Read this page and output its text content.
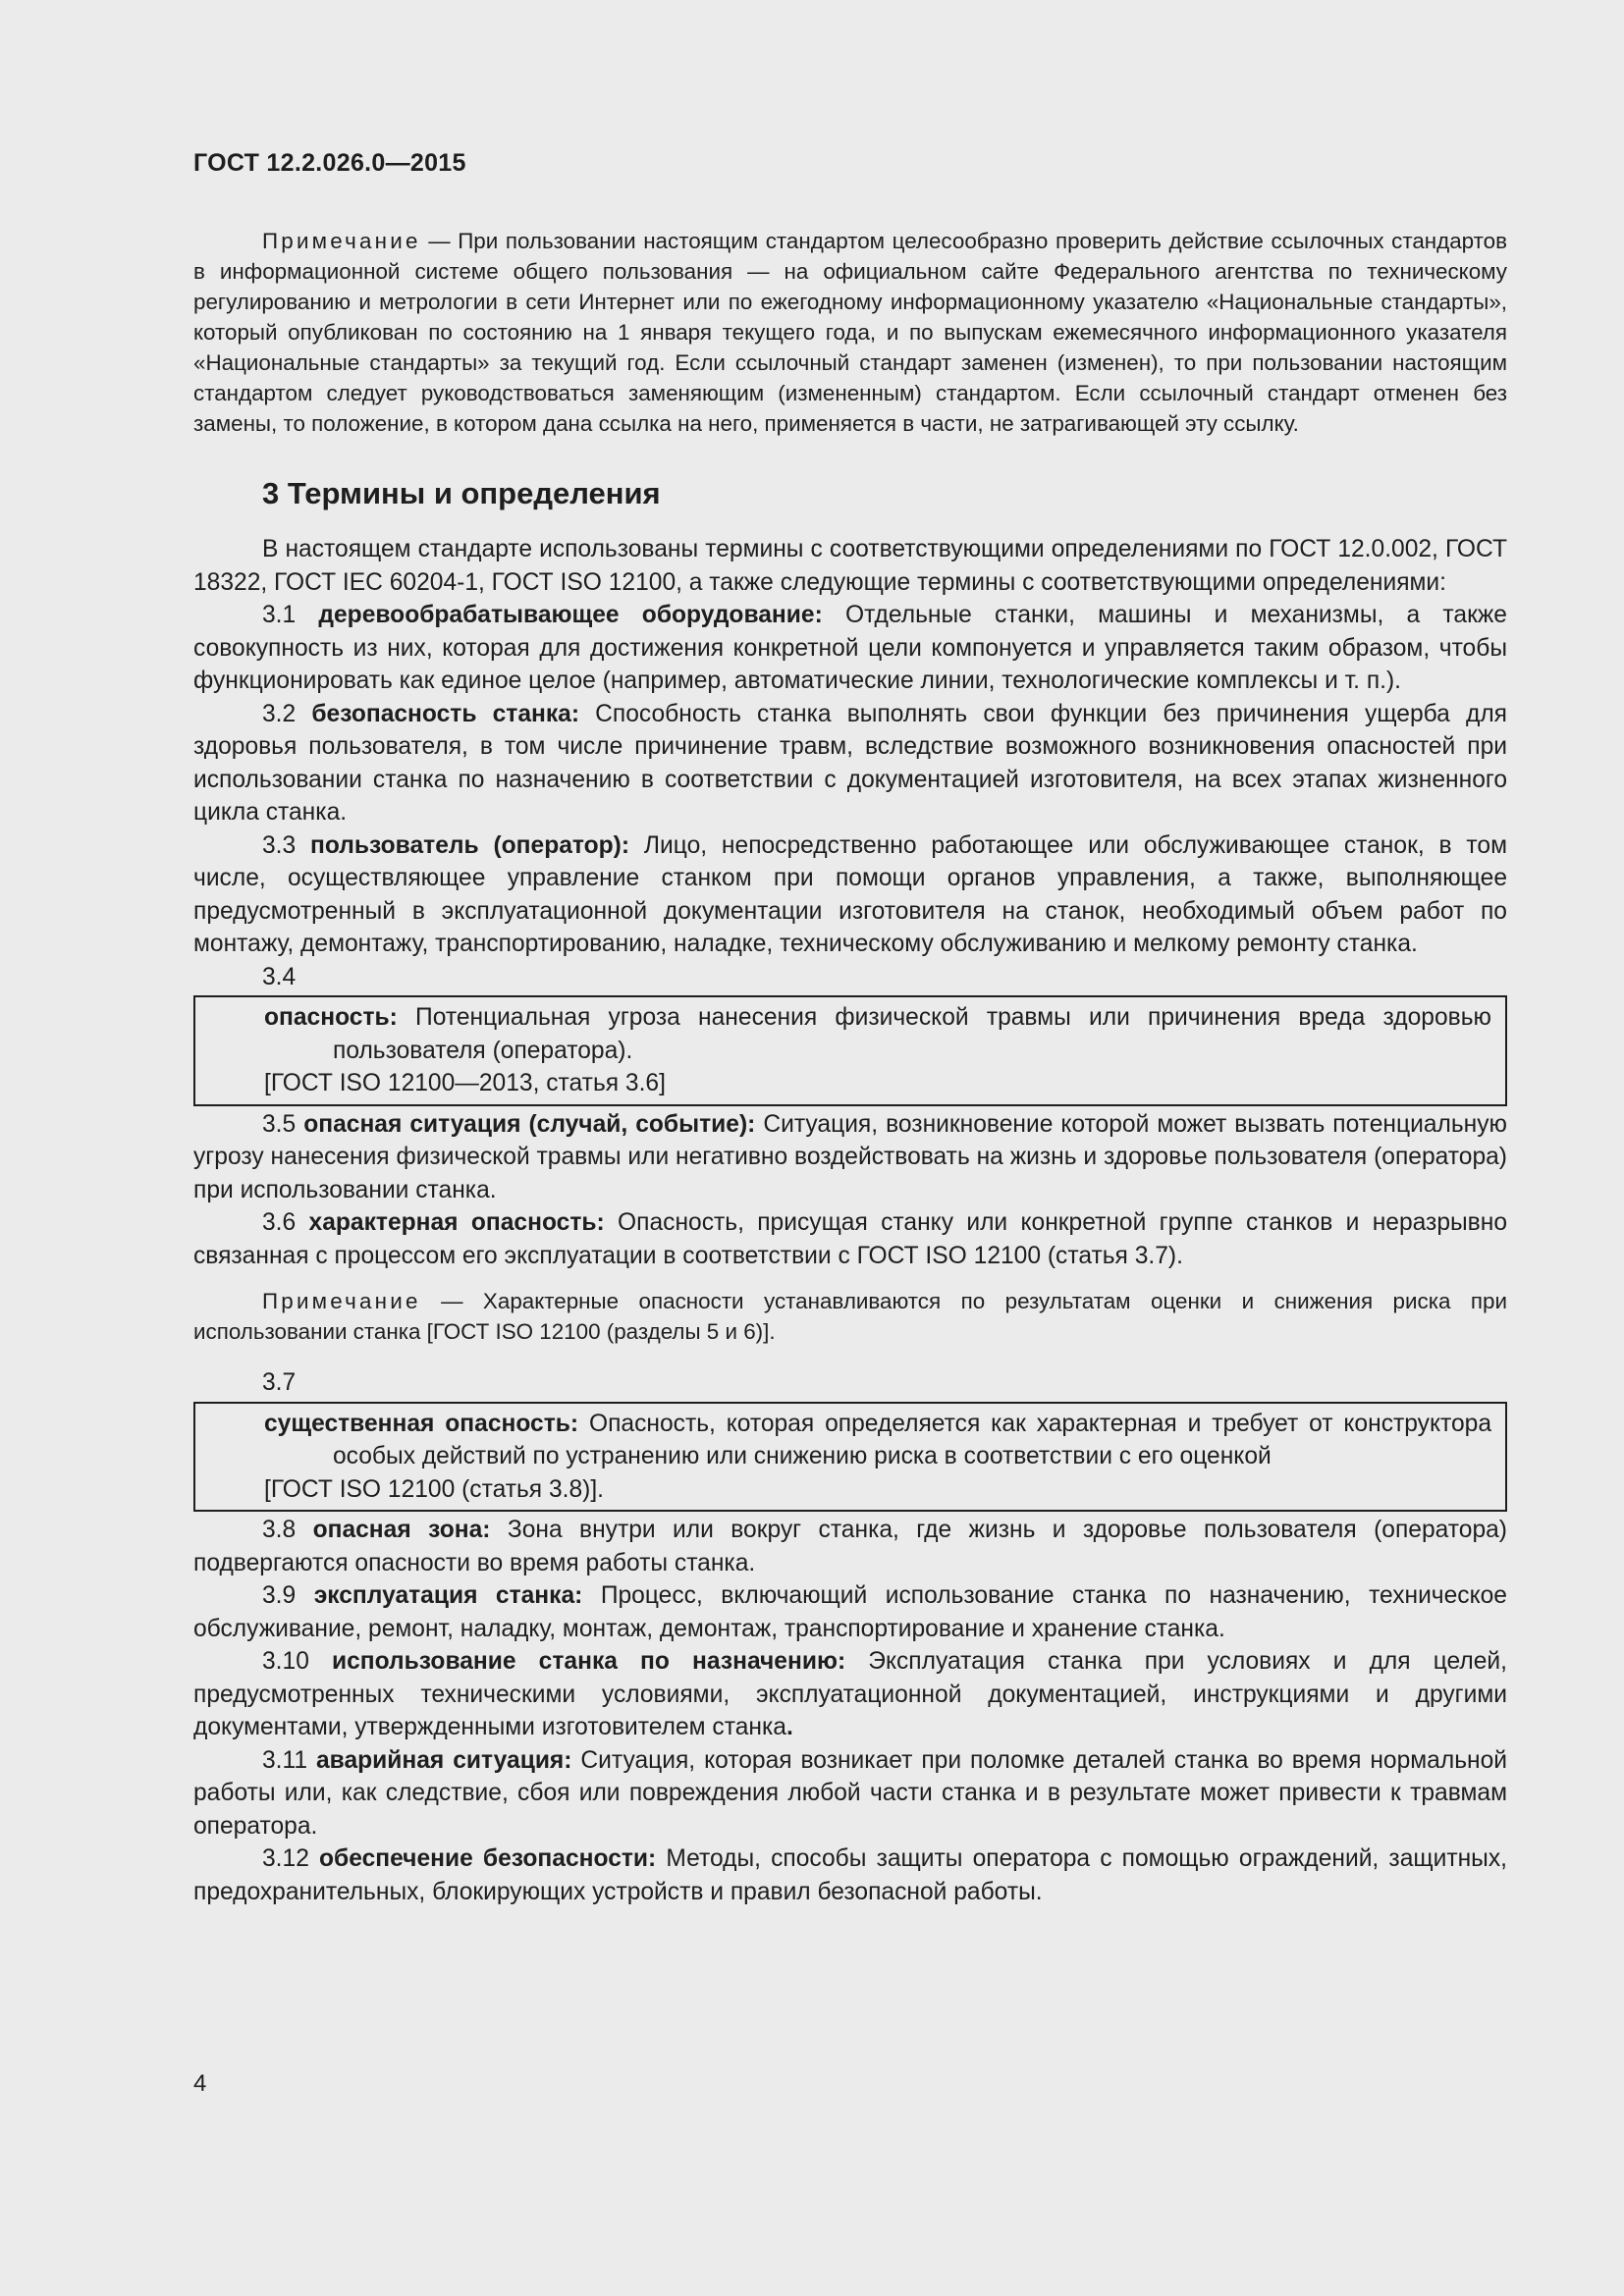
ГОСТ 12.2.026.0—2015

Примечание — При пользовании настоящим стандартом целесообразно проверить действие ссылочных стандартов в информационной системе общего пользования — на официальном сайте Федерального агентства по техническому регулированию и метрологии в сети Интернет или по ежегодному информационному указателю «Национальные стандарты», который опубликован по состоянию на 1 января текущего года, и по выпускам ежемесячного информационного указателя «Национальные стандарты» за текущий год. Если ссылочный стандарт заменен (изменен), то при пользовании настоящим стандартом следует руководствоваться заменяющим (измененным) стандартом. Если ссылочный стандарт отменен без замены, то положение, в котором дана ссылка на него, применяется в части, не затрагивающей эту ссылку.

3 Термины и определения

В настоящем стандарте использованы термины с соответствующими определениями по ГОСТ 12.0.002, ГОСТ 18322, ГОСТ IEC 60204-1, ГОСТ ISO 12100, а также следующие термины с соответствующими определениями:

3.1 деревообрабатывающее оборудование: Отдельные станки, машины и механизмы, а также совокупность из них, которая для достижения конкретной цели компонуется и управляется таким образом, чтобы функционировать как единое целое (например, автоматические линии, технологические комплексы и т. п.).

3.2 безопасность станка: Способность станка выполнять свои функции без причинения ущерба для здоровья пользователя, в том числе причинение травм, вследствие возможного возникновения опасностей при использовании станка по назначению в соответствии с документацией изготовителя, на всех этапах жизненного цикла станка.

3.3 пользователь (оператор): Лицо, непосредственно работающее или обслуживающее станок, в том числе, осуществляющее управление станком при помощи органов управления, а также, выполняющее предусмотренный в эксплуатационной документации изготовителя на станок, необходимый объем работ по монтажу, демонтажу, транспортированию, наладке, техническому обслуживанию и мелкому ремонту станка.

3.4

опасность: Потенциальная угроза нанесения физической травмы или причинения вреда здоровью пользователя (оператора).

[ГОСТ ISO 12100—2013, статья 3.6]

3.5 опасная ситуация (случай, событие): Ситуация, возникновение которой может вызвать потенциальную угрозу нанесения физической травмы или негативно воздействовать на жизнь и здоровье пользователя (оператора) при использовании станка.

3.6 характерная опасность: Опасность, присущая станку или конкретной группе станков и неразрывно связанная с процессом его эксплуатации в соответствии с ГОСТ ISO 12100 (статья 3.7).

Примечание — Характерные опасности устанавливаются по результатам оценки и снижения риска при использовании станка [ГОСТ ISO 12100 (разделы 5 и 6)].

3.7

существенная опасность: Опасность, которая определяется как характерная и требует от конструктора особых действий по устранению или снижению риска в соответствии с его оценкой

[ГОСТ ISO 12100 (статья 3.8)].

3.8 опасная зона: Зона внутри или вокруг станка, где жизнь и здоровье пользователя (оператора) подвергаются опасности во время работы станка.

3.9 эксплуатация станка: Процесс, включающий использование станка по назначению, техническое обслуживание, ремонт, наладку, монтаж, демонтаж, транспортирование и хранение станка.

3.10 использование станка по назначению: Эксплуатация станка при условиях и для целей, предусмотренных техническими условиями, эксплуатационной документацией, инструкциями и другими документами, утвержденными изготовителем станка.

3.11 аварийная ситуация: Ситуация, которая возникает при поломке деталей станка во время нормальной работы или, как следствие, сбоя или повреждения любой части станка и в результате может привести к травмам оператора.

3.12 обеспечение безопасности: Методы, способы защиты оператора с помощью ограждений, защитных, предохранительных, блокирующих устройств и правил безопасной работы.

4
